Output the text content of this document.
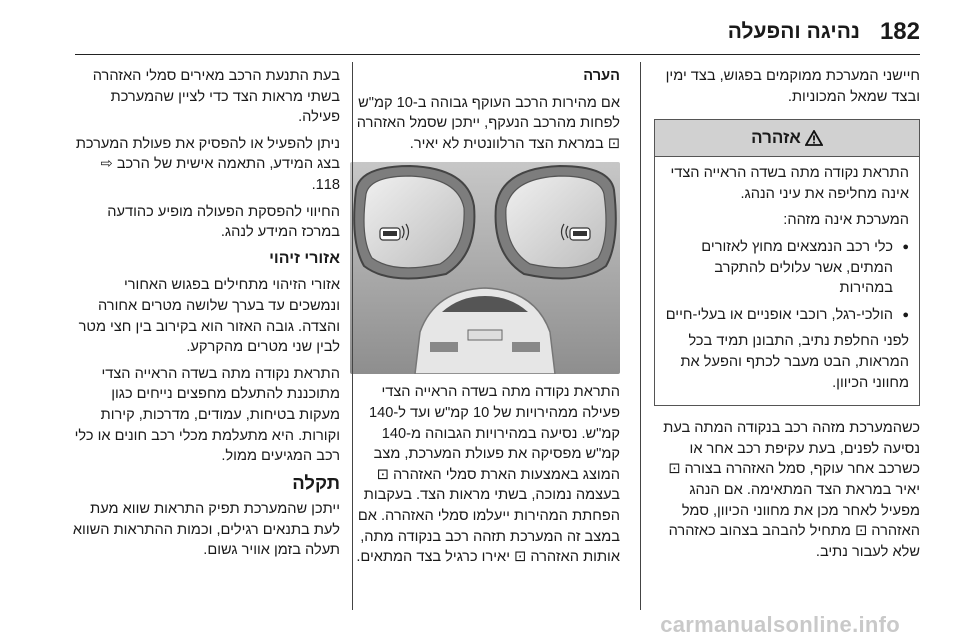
182
נהיגה והפעלה

חיישני המערכת ממוקמים בפגוש, בצד ימין ובצד שמאל המכוניות.

אזהרה

התראת נקודה מתה בשדה הראייה הצדי אינה מחליפה את עיני הנהג.

המערכת אינה מזהה:

● כלי רכב הנמצאים מחוץ לאזורים המתים, אשר עלולים להתקרב במהירות
● הולכי-רגל, רוכבי אופניים או בעלי-חיים

לפני החלפת נתיב, התבונן תמיד בכל המראות, הבט מעבר לכתף והפעל את מחווני הכיוון.

כשהמערכת מזהה רכב בנקודה המתה בעת נסיעה לפנים, בעת עקיפת רכב אחר או כשרכב אחר עוקף, סמל האזהרה בצורה ⊡ יאיר במראת הצד המתאימה. אם הנהג מפעיל לאחר מכן את מחווני הכיוון, סמל האזהרה ⊡ מתחיל להבהב בצהוב כאזהרה שלא לעבור נתיב.

הערה

אם מהירות הרכב העוקף גבוהה ב-10 קמ"ש לפחות מהרכב הנעקף, ייתכן שסמל האזהרה ⊡ במראת הצד הרלוונטית לא יאיר.

התראת נקודה מתה בשדה הראייה הצדי פעילה ממהירויות של 10 קמ"ש ועד ל-140 קמ"ש. נסיעה במהירויות הגבוהה מ-140 קמ"ש מפסיקה את פעולת המערכת, מצב המוצג באמצעות הארת סמלי האזהרה ⊡ בעצמה נמוכה, בשתי מראות הצד. בעקבות הפחתת המהירות ייעלמו סמלי האזהרה. אם במצב זה המערכת תזהה רכב בנקודה מתה, אותות האזהרה ⊡ יאירו כרגיל בצד המתאים.

בעת התנעת הרכב מאירים סמלי האזהרה בשתי מראות הצד כדי לציין שהמערכת פעילה.

ניתן להפעיל או להפסיק את פעולת המערכת בצג המידע, התאמה אישית של הרכב ⇨ 118.

החיווי להפסקת הפעולה מופיע כהודעה במרכז המידע לנהג.

אזורי זיהוי

אזורי הזיהוי מתחילים בפגוש האחורי ונמשכים עד בערך שלושה מטרים אחורה והצדה. גובה האזור הוא בקירוב בין חצי מטר לבין שני מטרים מהקרקע.

התראת נקודה מתה בשדה הראייה הצדי מתוכננת להתעלם מחפצים נייחים כגון מעקות בטיחות, עמודים, מדרכות, קירות וקורות. היא מתעלמת מכלי רכב חונים או כלי רכב המגיעים ממול.

תקלה

ייתכן שהמערכת תפיק התראות שווא מעת לעת בתנאים רגילים, וכמות ההתראות השווא תעלה בזמן אוויר גשום.

carmanualsonline.info
